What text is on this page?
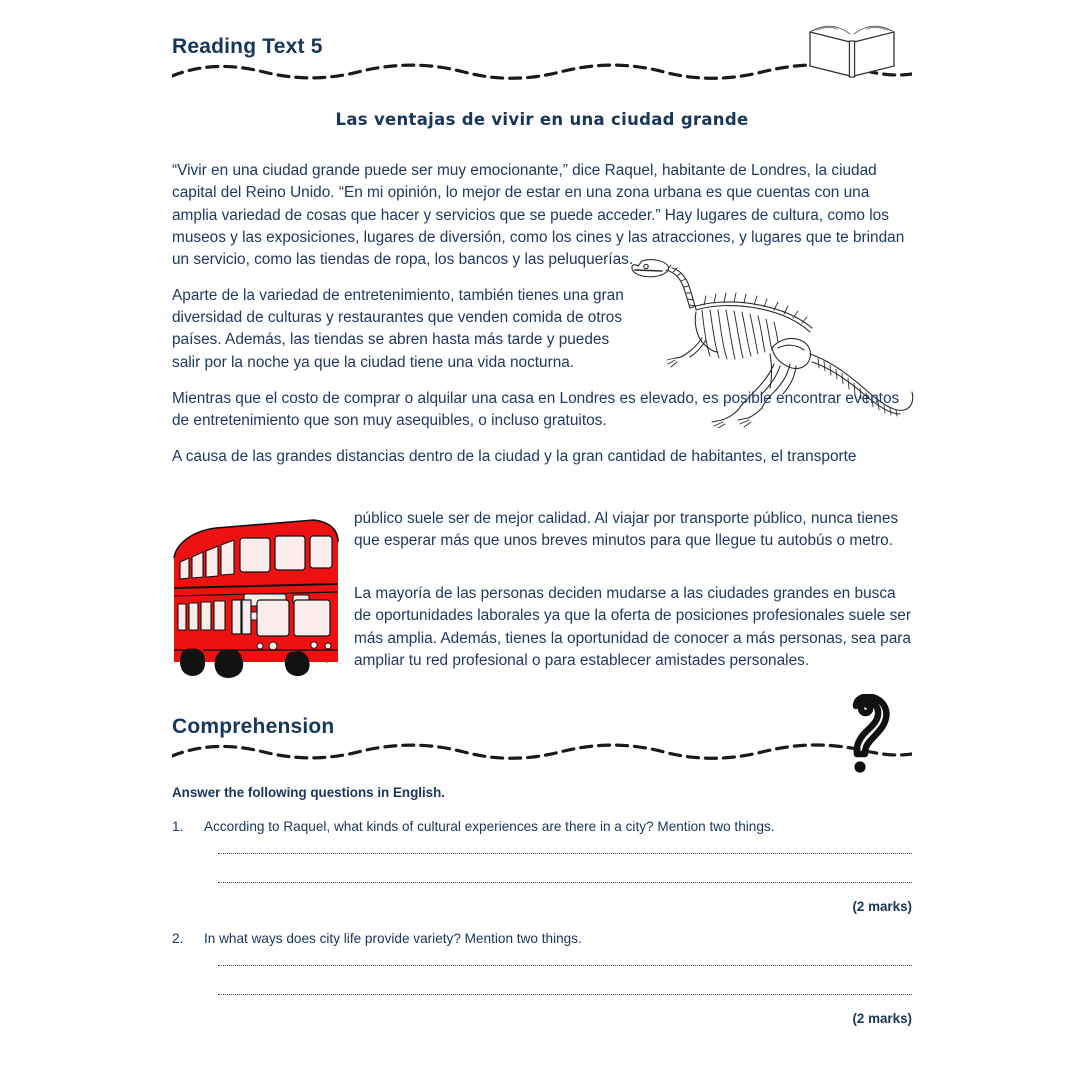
Reading Text 5
Las ventajas de vivir en una ciudad grande

“Vivir en una ciudad grande puede ser muy emocionante,” dice Raquel, habitante de Londres, la ciudad capital del Reino Unido. “En mi opinión, lo mejor de estar en una zona urbana es que cuentas con una amplia variedad de cosas que hacer y servicios que se puede acceder.” Hay lugares de cultura, como los museos y las exposiciones, lugares de diversión, como los cines y las atracciones, y lugares que te brindan un servicio, como las tiendas de ropa, los bancos y las peluquerías.

Aparte de la variedad de entretenimiento, también tienes una gran diversidad de culturas y restaurantes que venden comida de otros países. Además, las tiendas se abren hasta más tarde y puedes salir por la noche ya que la ciudad tiene una vida nocturna.

Mientras que el costo de comprar o alquilar una casa en Londres es elevado, es posible encontrar eventos de entretenimiento que son muy asequibles, o incluso gratuitos.

A causa de las grandes distancias dentro de la ciudad y la gran cantidad de habitantes, el transporte

público suele ser de mejor calidad. Al viajar por transporte público, nunca tienes que esperar más que unos breves minutos para que llegue tu autobús o metro.

La mayoría de las personas deciden mudarse a las ciudades grandes en busca de oportunidades laborales ya que la oferta de posiciones profesionales suele ser más amplia. Además, tienes la oportunidad de conocer a más personas, sea para ampliar tu red profesional o para establecer amistades personales.

Comprehension
Answer the following questions in English.
1.	According to Raquel, what kinds of cultural experiences are there in a city? Mention two things.
(2 marks)
2.	In what ways does city life provide variety? Mention two things.
(2 marks)
